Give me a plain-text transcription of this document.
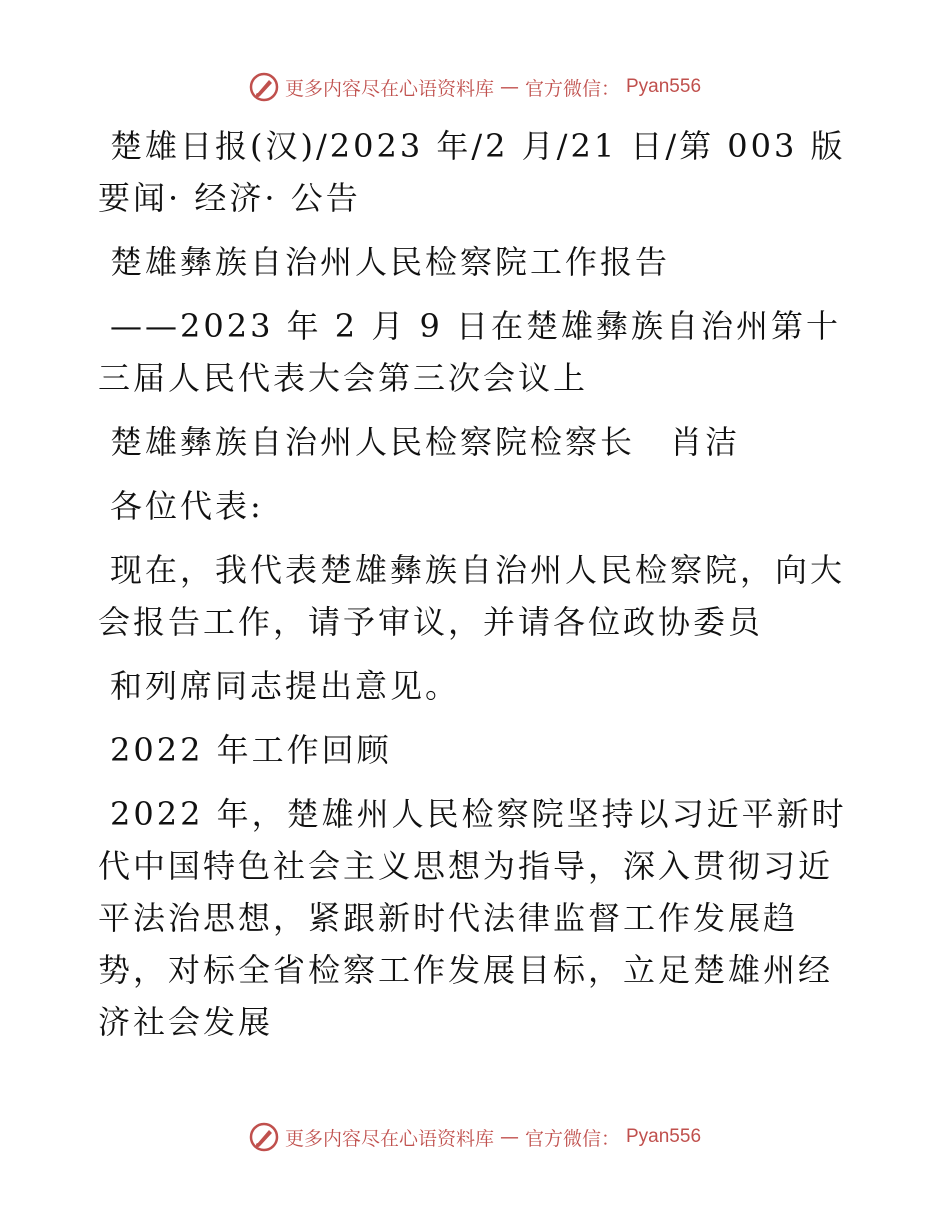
更多内容尽在心语资料库 — 官方微信： Pyan556

楚雄日报(汉)/2023 年/2 月/21 日/第 003 版要闻· 经济· 公告

楚雄彝族自治州人民检察院工作报告

——2023 年 2 月 9 日在楚雄彝族自治州第十三届人民代表大会第三次会议上

楚雄彝族自治州人民检察院检察长　肖洁

各位代表:

现在，我代表楚雄彝族自治州人民检察院，向大会报告工作，请予审议，并请各位政协委员

和列席同志提出意见。

2022 年工作回顾

2022 年，楚雄州人民检察院坚持以习近平新时代中国特色社会主义思想为指导，深入贯彻习近平法治思想，紧跟新时代法律监督工作发展趋势，对标全省检察工作发展目标，立足楚雄州经济社会发展

更多内容尽在心语资料库 — 官方微信： Pyan556
